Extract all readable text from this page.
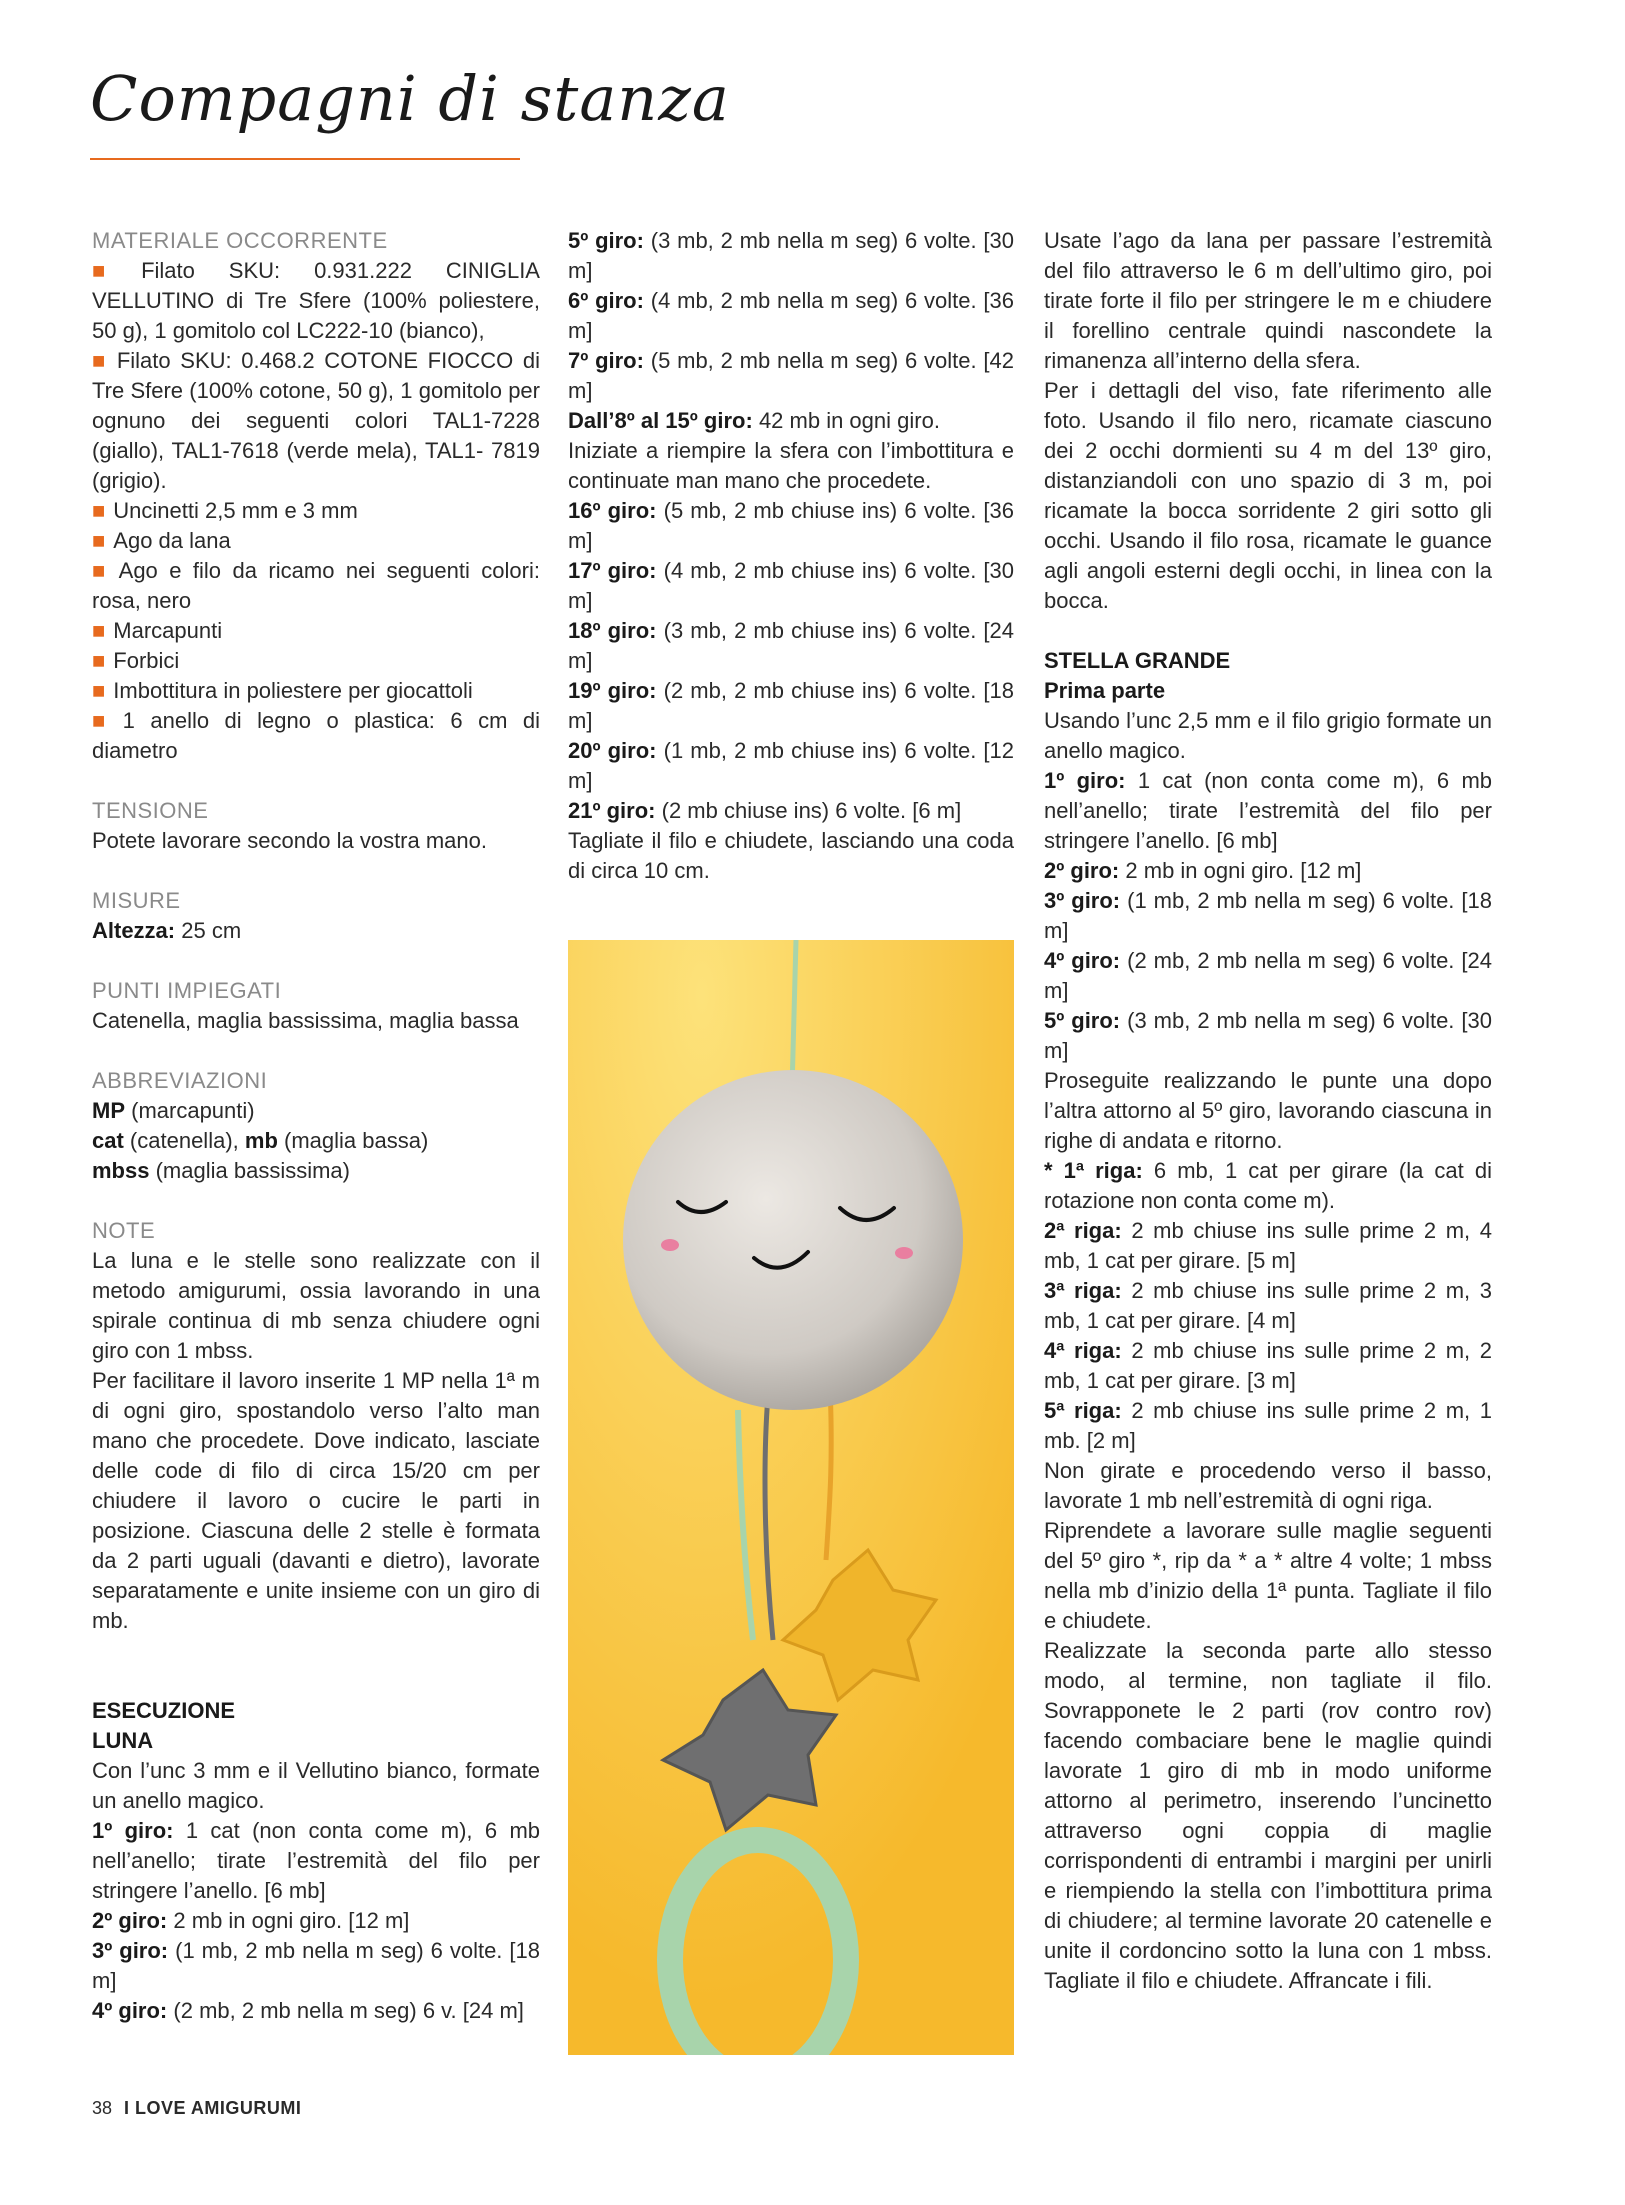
Compagni di stanza

MATERIALE OCCORRENTE

■ Filato SKU: 0.931.222 CINIGLIA VELLUTINO di Tre Sfere (100% poliestere, 50 g), 1 gomitolo col LC222-10 (bianco),

■ Filato SKU: 0.468.2 COTONE FIOCCO di Tre Sfere (100% cotone, 50 g), 1 gomitolo per ognuno dei seguenti colori TAL1-7228 (giallo), TAL1-7618 (verde mela), TAL1- 7819 (grigio).

■ Uncinetti 2,5 mm e 3 mm

■ Ago da lana

■ Ago e filo da ricamo nei seguenti colori: rosa, nero

■ Marcapunti

■ Forbici

■ Imbottitura in poliestere per giocattoli

■ 1 anello di legno o plastica: 6 cm di diametro

TENSIONE

Potete lavorare secondo la vostra mano.

MISURE

Altezza: 25 cm

PUNTI IMPIEGATI

Catenella, maglia bassissima, maglia bassa

ABBREVIAZIONI

MP (marcapunti)

cat (catenella), mb (maglia bassa)

mbss (maglia bassissima)

NOTE

La luna e le stelle sono realizzate con il metodo amigurumi, ossia lavorando in una spirale continua di mb senza chiudere ogni giro con 1 mbss.

Per facilitare il lavoro inserite 1 MP nella 1ª m di ogni giro, spostandolo verso l’alto man mano che procedete. Dove indicato, lasciate delle code di filo di circa 15/20 cm per chiudere il lavoro o cucire le parti in posizione. Ciascuna delle 2 stelle è formata da 2 parti uguali (davanti e dietro), lavorate separatamente e unite insieme con un giro di mb.

ESECUZIONE

LUNA

Con l’unc 3 mm e il Vellutino bianco, formate un anello magico.

1º giro: 1 cat (non conta come m), 6 mb nell’anello; tirate l’estremità del filo per stringere l’anello. [6 mb]

2º giro: 2 mb in ogni giro. [12 m]

3º giro: (1 mb, 2 mb nella m seg) 6 volte. [18 m]

4º giro: (2 mb, 2 mb nella m seg) 6 v. [24 m]

5º giro: (3 mb, 2 mb nella m seg) 6 volte. [30 m]

6º giro: (4 mb, 2 mb nella m seg) 6 volte. [36 m]

7º giro: (5 mb, 2 mb nella m seg) 6 volte. [42 m]

Dall’8º al 15º giro: 42 mb in ogni giro.

Iniziate a riempire la sfera con l’imbottitura e continuate man mano che procedete.

16º giro: (5 mb, 2 mb chiuse ins) 6 volte. [36 m]

17º giro: (4 mb, 2 mb chiuse ins) 6 volte. [30 m]

18º giro: (3 mb, 2 mb chiuse ins) 6 volte. [24 m]

19º giro: (2 mb, 2 mb chiuse ins) 6 volte. [18 m]

20º giro: (1 mb, 2 mb chiuse ins) 6 volte. [12 m]

21º giro: (2 mb chiuse ins) 6 volte. [6 m]

Tagliate il filo e chiudete, lasciando una coda di circa 10 cm.

Usate l’ago da lana per passare l’estremità del filo attraverso le 6 m dell’ultimo giro, poi tirate forte il filo per stringere le m e chiudere il forellino centrale quindi nascondete la rimanenza all’interno della sfera.

Per i dettagli del viso, fate riferimento alle foto. Usando il filo nero, ricamate ciascuno dei 2 occhi dormienti su 4 m del 13º giro, distanziandoli con uno spazio di 3 m, poi ricamate la bocca sorridente 2 giri sotto gli occhi. Usando il filo rosa, ricamate le guance agli angoli esterni degli occhi, in linea con la bocca.

STELLA GRANDE

Prima parte

Usando l’unc 2,5 mm e il filo grigio formate un anello magico.

1º giro: 1 cat (non conta come m), 6 mb nell’anello; tirate l’estremità del filo per stringere l’anello. [6 mb]

2º giro: 2 mb in ogni giro. [12 m]

3º giro: (1 mb, 2 mb nella m seg) 6 volte. [18 m]

4º giro: (2 mb, 2 mb nella m seg) 6 volte. [24 m]

5º giro: (3 mb, 2 mb nella m seg) 6 volte. [30 m]

Proseguite realizzando le punte una dopo l’altra attorno al 5º giro, lavorando ciascuna in righe di andata e ritorno.

* 1ª riga: 6 mb, 1 cat per girare (la cat di rotazione non conta come m).

2ª riga: 2 mb chiuse ins sulle prime 2 m, 4 mb, 1 cat per girare. [5 m]

3ª riga: 2 mb chiuse ins sulle prime 2 m, 3 mb, 1 cat per girare. [4 m]

4ª riga: 2 mb chiuse ins sulle prime 2 m, 2 mb, 1 cat per girare. [3 m]

5ª riga: 2 mb chiuse ins sulle prime 2 m, 1 mb. [2 m]

Non girate e procedendo verso il basso, lavorate 1 mb nell’estremità di ogni riga.

Riprendete a lavorare sulle maglie seguenti del 5º giro *, rip da * a * altre 4 volte; 1 mbss nella mb d’inizio della 1ª punta. Tagliate il filo e chiudete.

Realizzate la seconda parte allo stesso modo, al termine, non tagliate il filo. Sovrapponete le 2 parti (rov contro rov) facendo combaciare bene le maglie quindi lavorate 1 giro di mb in modo uniforme attorno al perimetro, inserendo l’uncinetto attraverso ogni coppia di maglie corrispondenti di entrambi i margini per unirli e riempiendo la stella con l’imbottitura prima di chiudere; al termine lavorate 20 catenelle e unite il cordoncino sotto la luna con 1 mbss. Tagliate il filo e chiudete. Affrancate i fili.

38 I LOVE AMIGURUMI
